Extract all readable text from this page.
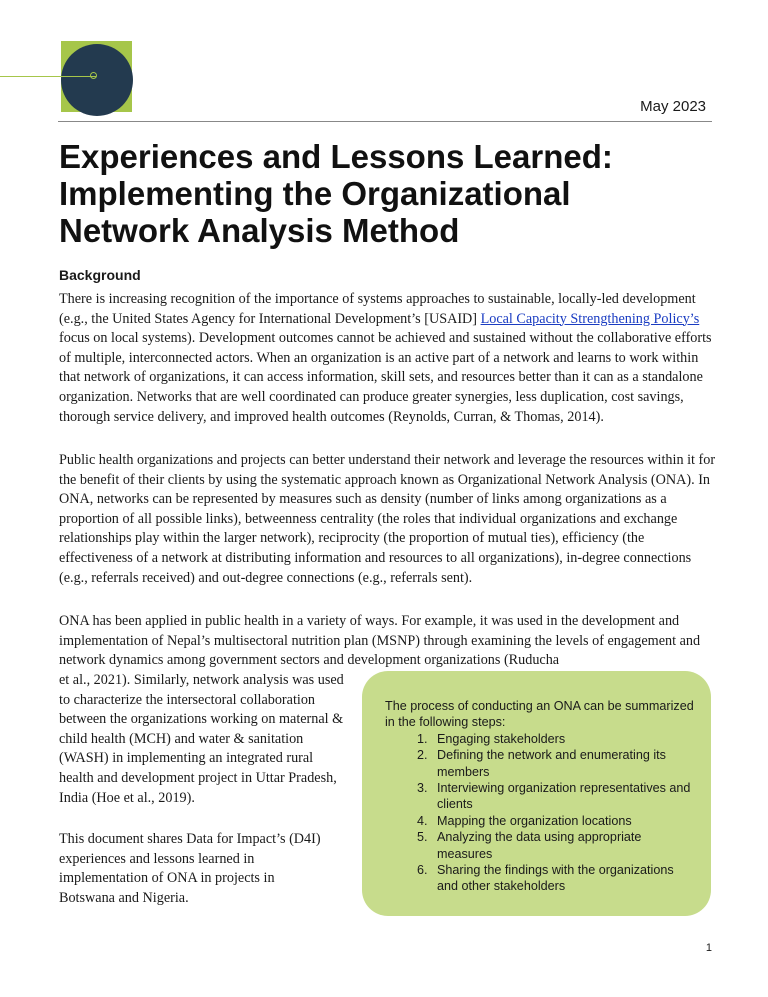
May 2023
Experiences and Lessons Learned:
Implementing the Organizational
Network Analysis Method
Background

There is increasing recognition of the importance of systems approaches to sustainable, locally-led development (e.g., the United States Agency for International Development’s [USAID] Local Capacity Strengthening Policy’s focus on local systems). Development outcomes cannot be achieved and sustained without the collaborative efforts of multiple, interconnected actors. When an organization is an active part of a network and learns to work within that network of organizations, it can access information, skill sets, and resources better than it can as a standalone organization. Networks that are well coordinated can produce greater synergies, less duplication, cost savings, thorough service delivery, and improved health outcomes (Reynolds, Curran, & Thomas, 2014).

Public health organizations and projects can better understand their network and leverage the resources within it for the benefit of their clients by using the systematic approach known as Organizational Network Analysis (ONA). In ONA, networks can be represented by measures such as density (number of links among organizations as a proportion of all possible links), betweenness centrality (the roles that individual organizations and exchange relationships play within the larger network), reciprocity (the proportion of mutual ties), efficiency (the effectiveness of a network at distributing information and resources to all organizations), in-degree connections (e.g., referrals received) and out-degree connections (e.g., referrals sent).

ONA has been applied in public health in a variety of ways. For example, it was used in the development and implementation of Nepal’s multisectoral nutrition plan (MSNP) through examining the levels of engagement and network dynamics among government sectors and development organizations (Ruducha

et al., 2021). Similarly, network analysis was used to characterize the intersectoral collaboration between the organizations working on maternal & child health (MCH) and water & sanitation (WASH) in implementing an integrated rural health and development project in Uttar Pradesh, India (Hoe et al., 2019).

This document shares Data for Impact’s (D4I) experiences and lessons learned in implementation of ONA in projects in Botswana and Nigeria.

The process of conducting an ONA can be summarized in the following steps:

1. Engaging stakeholders
2. Defining the network and enumerating its members
3. Interviewing organization representatives and clients
4. Mapping the organization locations
5. Analyzing the data using appropriate measures
6. Sharing the findings with the organizations and other stakeholders
1
